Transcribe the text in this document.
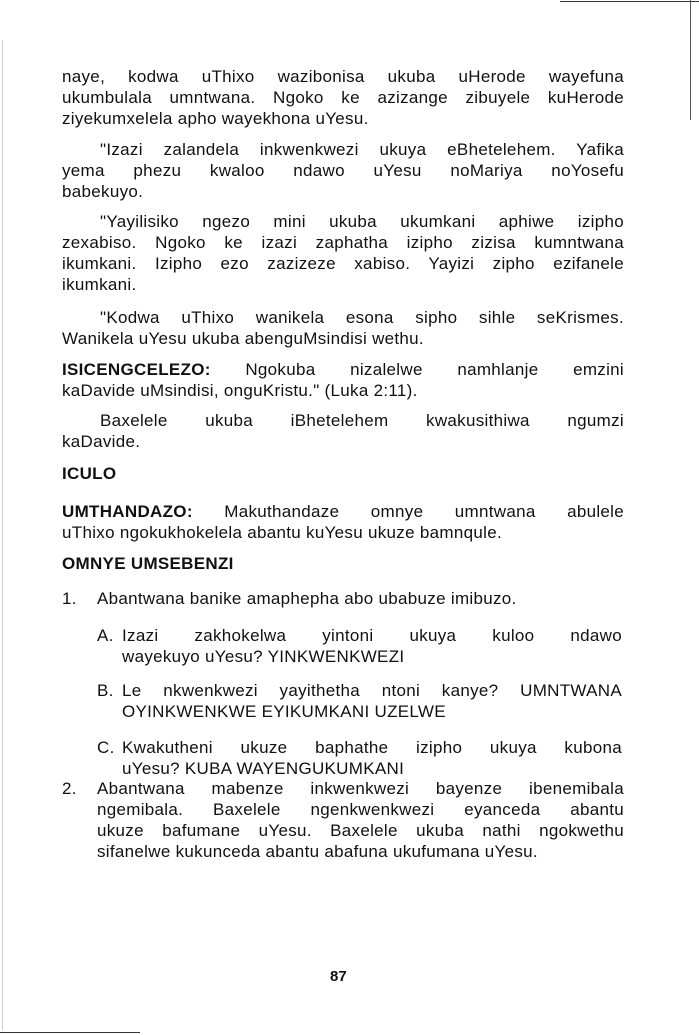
naye, kodwa uThixo wazibonisa ukuba uHerode wayefuna
ukumbulala umntwana. Ngoko ke azizange zibuyele kuHerode
ziyekumxelela apho wayekhona uYesu.
"Izazi zalandela inkwenkwezi ukuya eBhetelehem. Yafika
yema phezu kwaloo ndawo uYesu noMariya noYosefu
babekuyo.
"Yayilisiko ngezo mini ukuba ukumkani aphiwe izipho
zexabiso. Ngoko ke izazi zaphatha izipho zizisa kumntwana
ikumkani. Izipho ezo zazizeze xabiso. Yayizi zipho ezifanele
ikumkani.
"Kodwa uThixo wanikela esona sipho sihle seKrismes.
Wanikela uYesu ukuba abenguMsindisi wethu.
ISICENGCELEZO: Ngokuba nizalelwe namhlanje emzini
kaDavide uMsindisi, onguKristu." (Luka 2:11).
Baxelele ukuba iBhetelehem kwakusithiwa ngumzi
kaDavide.
ICULO
UMTHANDAZO: Makuthandaze omnye umntwana abulele
uThixo ngokukhokelela abantu kuYesu ukuze bamnqule.
OMNYE UMSEBENZI
1. Abantwana banike amaphepha abo ubabuze imibuzo.
A. Izazi zakhokelwa yintoni ukuya kuloo ndawo
wayekuyo uYesu? YINKWENKWEZI
B. Le nkwenkwezi yayithetha ntoni kanye? UMNTWANA
OYINKWENKWE EYIKUMKANI UZELWE
C. Kwakutheni ukuze baphathe izipho ukuya kubona
uYesu? KUBA WAYENGUKUMKANI
2. Abantwana mabenze inkwenkwezi bayenze ibenemibala
ngemibala. Baxelele ngenkwenkwezi eyanceda abantu
ukuze bafumane uYesu. Baxelele ukuba nathi ngokwethu
sifanelwe kukunceda abantu abafuna ukufumana uYesu.
87
